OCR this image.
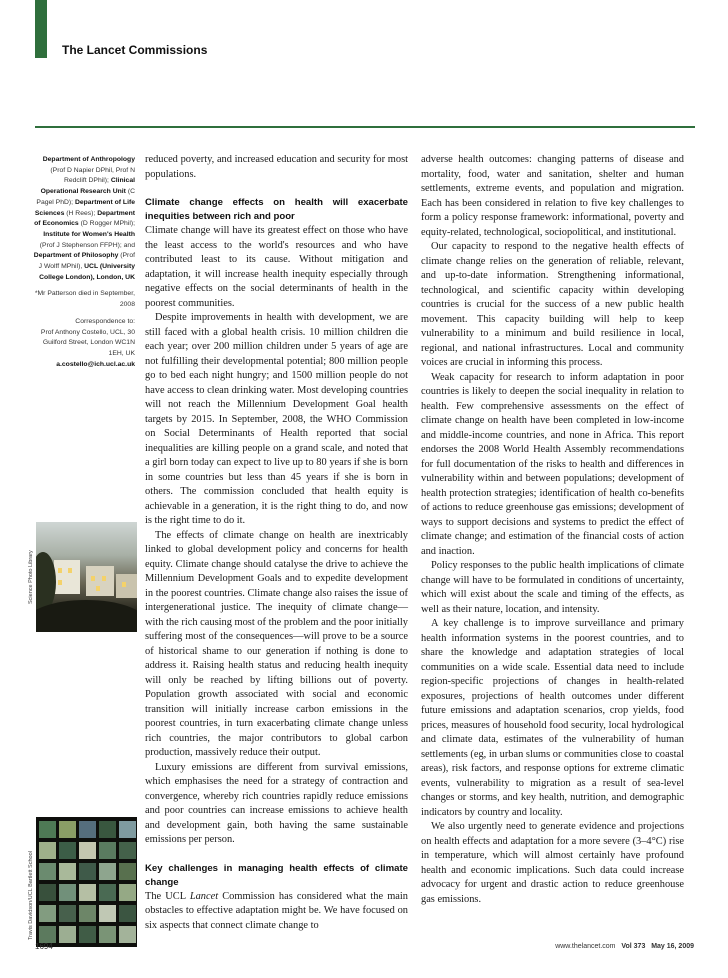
The Lancet Commissions

Department of Anthropology (Prof D Napier DPhil, Prof N Redclift DPhil); Clinical Operational Research Unit (C Pagel PhD); Department of Life Sciences (H Rees); Department of Economics (D Rogger MPhil); Institute for Women's Health (Prof J Stephenson FFPH); and Department of Philosophy (Prof J Wolff MPhil), UCL (University College London), London, UK

*Mr Patterson died in September, 2008

Correspondence to:
Prof Anthony Costello, UCL, 30 Guilford Street, London WC1N 1EH, UK
a.costello@ich.ucl.ac.uk

Science Photo Library
Travis Davidson/UCL Bartlett School

reduced poverty, and increased education and security for most populations.

Climate change effects on health will exacerbate inequities between rich and poor

Climate change will have its greatest effect on those who have the least access to the world's resources and who have contributed least to its cause. Without mitigation and adaptation, it will increase health inequity especially through negative effects on the social determinants of health in the poorest communities.

Despite improvements in health with development, we are still faced with a global health crisis. 10 million children die each year; over 200 million children under 5 years of age are not fulfilling their developmental potential; 800 million people go to bed each night hungry; and 1500 million people do not have access to clean drinking water. Most developing countries will not reach the Millennium Development Goal health targets by 2015. In September, 2008, the WHO Commission on Social Determinants of Health reported that social inequalities are killing people on a grand scale, and noted that a girl born today can expect to live up to 80 years if she is born in some countries but less than 45 years if she is born in others. The commission concluded that health equity is achievable in a generation, it is the right thing to do, and now is the right time to do it.

The effects of climate change on health are inextricably linked to global development policy and concerns for health equity. Climate change should catalyse the drive to achieve the Millennium Development Goals and to expedite development in the poorest countries. Climate change also raises the issue of intergenerational justice. The inequity of climate change—with the rich causing most of the problem and the poor initially suffering most of the consequences—will prove to be a source of historical shame to our generation if nothing is done to address it. Raising health status and reducing health inequity will only be reached by lifting billions out of poverty. Population growth associated with social and economic transition will initially increase carbon emissions in the poorest countries, in turn exacerbating climate change unless rich countries, the major contributors to global carbon production, massively reduce their output.

Luxury emissions are different from survival emissions, which emphasises the need for a strategy of contraction and convergence, whereby rich countries rapidly reduce emissions and poor countries can increase emissions to achieve health and development gain, both having the same sustainable emissions per person.

Key challenges in managing health effects of climate change

The UCL Lancet Commission has considered what the main obstacles to effective adaptation might be. We have focused on six aspects that connect climate change to

adverse health outcomes: changing patterns of disease and mortality, food, water and sanitation, shelter and human settlements, extreme events, and population and migration. Each has been considered in relation to five key challenges to form a policy response framework: informational, poverty and equity-related, technological, sociopolitical, and institutional.

Our capacity to respond to the negative health effects of climate change relies on the generation of reliable, relevant, and up-to-date information. Strengthening informational, technological, and scientific capacity within developing countries is crucial for the success of a new public health movement. This capacity building will help to keep vulnerability to a minimum and build resilience in local, regional, and national infrastructures. Local and community voices are crucial in informing this process.

Weak capacity for research to inform adaptation in poor countries is likely to deepen the social inequality in relation to health. Few comprehensive assessments on the effect of climate change on health have been completed in low-income and middle-income countries, and none in Africa. This report endorses the 2008 World Health Assembly recommendations for full documentation of the risks to health and differences in vulnerability within and between populations; development of health protection strategies; identification of health co-benefits of actions to reduce greenhouse gas emissions; development of ways to support decisions and systems to predict the effect of climate change; and estimation of the financial costs of action and inaction.

Policy responses to the public health implications of climate change will have to be formulated in conditions of uncertainty, which will exist about the scale and timing of the effects, as well as their nature, location, and intensity.

A key challenge is to improve surveillance and primary health information systems in the poorest countries, and to share the knowledge and adaptation strategies of local communities on a wide scale. Essential data need to include region-specific projections of changes in health-related exposures, projections of health outcomes under different future emissions and adaptation scenarios, crop yields, food prices, measures of household food security, local hydrological and climate data, estimates of the vulnerability of human settlements (eg, in urban slums or communities close to coastal areas), risk factors, and response options for extreme climatic events, vulnerability to migration as a result of sea-level changes or storms, and key health, nutrition, and demographic indicators by country and locality.

We also urgently need to generate evidence and projections on health effects and adaptation for a more severe (3–4°C) rise in temperature, which will almost certainly have profound health and economic implications. Such data could increase advocacy for urgent and drastic action to reduce greenhouse gas emissions.

1694	www.thelancet.com Vol 373 May 16, 2009
